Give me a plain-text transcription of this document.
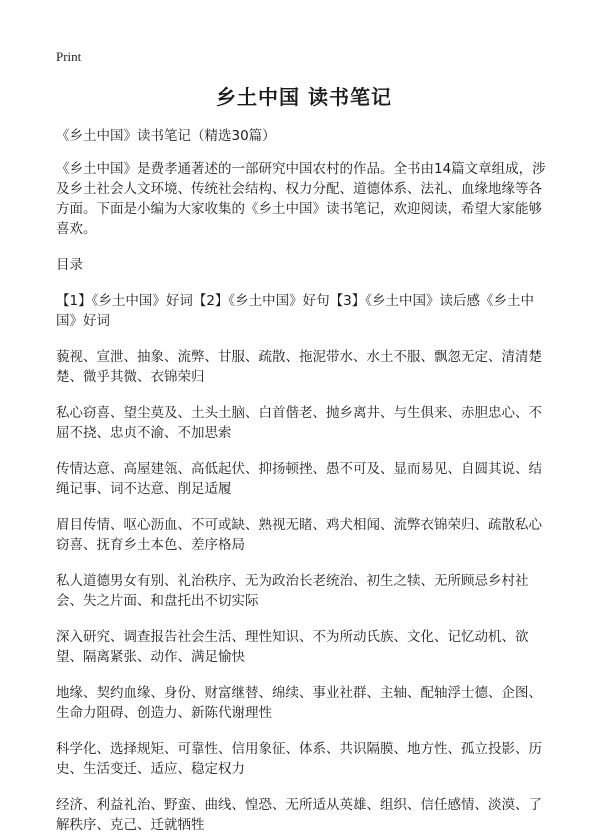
Print
乡土中国 读书笔记

《乡土中国》读书笔记（精选30篇）

《乡土中国》是费孝通著述的一部研究中国农村的作品。全书由14篇文章组成，涉及乡土社会人文环境、传统社会结构、权力分配、道德体系、法礼、血缘地缘等各方面。下面是小编为大家收集的《乡土中国》读书笔记，欢迎阅读，希望大家能够喜欢。

目录

【1】《乡土中国》好词【2】《乡土中国》好句【3】《乡土中国》读后感《乡土中国》好词

藐视、宣泄、抽象、流弊、甘服、疏散、拖泥带水、水土不服、飘忽无定、清清楚楚、微乎其微、衣锦荣归

私心窃喜、望尘莫及、土头土脑、白首偕老、抛乡离井、与生俱来、赤胆忠心、不屈不挠、忠贞不渝、不加思索

传情达意、高屋建瓴、高低起伏、抑扬顿挫、愚不可及、显而易见、自圆其说、结绳记事、词不达意、削足适履

眉目传情、呕心沥血、不可或缺、熟视无睹、鸡犬相闻、流弊衣锦荣归、疏散私心窃喜、抚育乡土本色、差序格局

私人道德男女有别、礼治秩序、无为政治长老统治、初生之犊、无所顾忌乡村社会、失之片面、和盘托出不切实际

深入研究、调查报告社会生活、理性知识、不为所动氏族、文化、记忆动机、欲望、隔离紧张、动作、满足愉快

地缘、契约血缘、身份、财富继替、绵续、事业社群、主轴、配轴浮士德、企图、生命力阻碍、创造力、新陈代谢理性

科学化、选择规矩、可靠性、信用象征、体系、共识隔膜、地方性、孤立投影、历史、生活变迁、适应、稳定权力

经济、利益礼治、野蛮、曲线、惶恐、无所适从英雄、组织、信任感情、淡漠、了解秩序、克己、迁就牺牲
